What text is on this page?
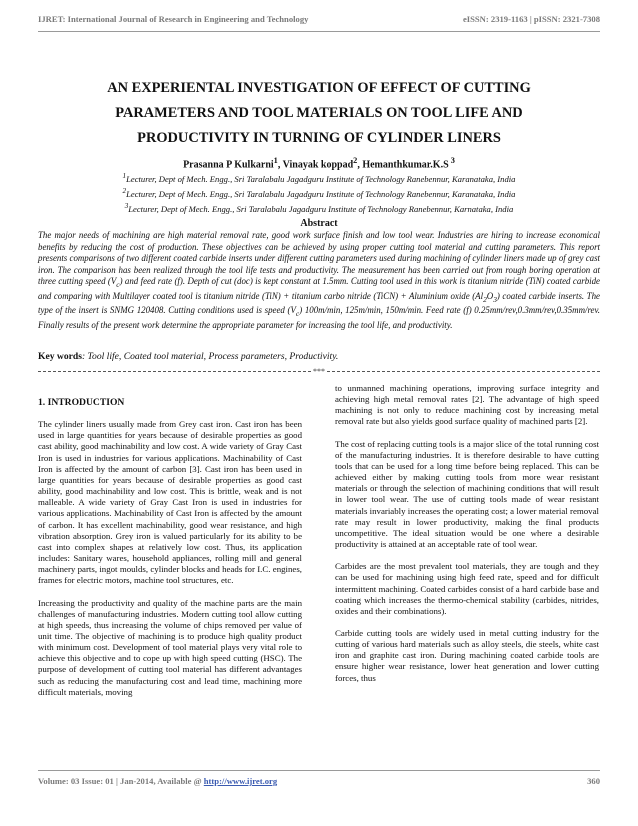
IJRET: International Journal of Research in Engineering and Technology	eISSN: 2319-1163 | pISSN: 2321-7308
AN EXPERIENTAL INVESTIGATION OF EFFECT OF CUTTING
PARAMETERS AND TOOL MATERIALS ON TOOL LIFE AND
PRODUCTIVITY IN TURNING OF CYLINDER LINERS
Prasanna P Kulkarni$^1$, Vinayak koppad$^2$, Hemanthkumar.K.S $^3$
$^1$Lecturer, Dept of Mech. Engg., Sri Taralabalu Jagadguru Institute of Technology Ranebennur, Karanataka, India
$^2$Lecturer, Dept of Mech. Engg., Sri Taralabalu Jagadguru Institute of Technology Ranebennur, Karanataka, India
$^3$Lecturer, Dept of Mech. Engg., Sri Taralabalu Jagadguru Institute of Technology Ranebennur, Karnataka, India
Abstract
The major needs of machining are high material removal rate, good work surface finish and low tool wear. Industries are hiring to increase economical benefits by reducing the cost of production. These objectives can be achieved by using proper cutting tool material and cutting parameters. This report presents comparisons of two different coated carbide inserts under different cutting parameters used during machining of cylinder liners made up of grey cast iron. The comparison has been realized through the tool life tests and productivity. The measurement has been carried out from rough boring operation at three cutting speed $(V_c)$ and feed rate (f). Depth of cut (doc) is kept constant at 1.5mm. Cutting tool used in this work is titanium nitride (TiN) coated carbide and comparing with Multilayer coated tool is titanium nitride (TiN) + titanium carbo nitride (TiCN) + Aluminium oxide $(Al_2O_3)$ coated carbide inserts. The type of the insert is SNMG 120408. Cutting conditions used is speed $(V_c)$ 100m/min, 125m/min, 150m/min. Feed rate (f) 0.25mm/rev,0.3mm/rev,0.35mm/rev. Finally results of the present work determine the appropriate parameter for increasing the tool life, and productivity.
Key words: Tool life, Coated tool material, Process parameters, Productivity.
***
1. INTRODUCTION

The cylinder liners usually made from Grey cast iron. Cast iron has been used in large quantities for years because of desirable properties as good cast ability, good machinability and low cost. A wide variety of Gray Cast Iron is used in industries for various applications. Machinability of Cast Iron is affected by the amount of carbon [3]. Cast iron has been used in large quantities for years because of desirable properties as good cast ability, good machinability and low cost. This is brittle, weak and is not malleable. A wide variety of Gray Cast Iron is used in industries for various applications. Machinability of Cast Iron is affected by the amount of carbon. It has excellent machinability, good wear resistance, and high vibration absorption. Grey iron is valued particularly for its ability to be cast into complex shapes at relatively low cost. Thus, its application includes: Sanitary wares, household appliances, rolling mill and general machinery parts, ingot moulds, cylinder blocks and heads for I.C. engines, frames for electric motors, machine tool structures, etc.

Increasing the productivity and quality of the machine parts are the main challenges of manufacturing industries. Modern cutting tool allow cutting at high speeds, thus increasing the volume of chips removed per value of unit time. The objective of machining is to produce high quality product with minimum cost. Development of tool material plays very vital role to achieve this objective and to cope up with high speed cutting (HSC). The purpose of development of cutting tool material has different advantages such as reducing the manufacturing cost and lead time, machining more difficult materials, moving

to unmanned machining operations, improving surface integrity and achieving high metal removal rates [2]. The advantage of high speed machining is not only to reduce machining cost by increasing metal removal rate but also yields good surface quality of machined parts [2].

The cost of replacing cutting tools is a major slice of the total running cost of the manufacturing industries. It is therefore desirable to have cutting tools that can be used for a long time before being replaced. This can be achieved either by making cutting tools from more wear resistant materials or through the selection of machining conditions that will result in lower tool wear. The use of cutting tools made of wear resistant materials invariably increases the operating cost; a lower material removal rate may result in lower productivity, making the final products uncompetitive. The ideal situation would be one where a desirable productivity is attained at an acceptable rate of tool wear.

Carbides are the most prevalent tool materials, they are tough and they can be used for machining using high feed rate, speed and for difficult intermittent machining. Coated carbides consist of a hard carbide base and coating which increases the thermo-chemical stability (carbides, nitrides, oxides and their combinations).

Carbide cutting tools are widely used in metal cutting industry for the cutting of various hard materials such as alloy steels, die steels, white cast iron and graphite cast iron. During machining coated carbide tools are ensure higher wear resistance, lower heat generation and lower cutting forces, thus

Volume: 03 Issue: 01 | Jan-2014, Available @ http://www.ijret.org	360
